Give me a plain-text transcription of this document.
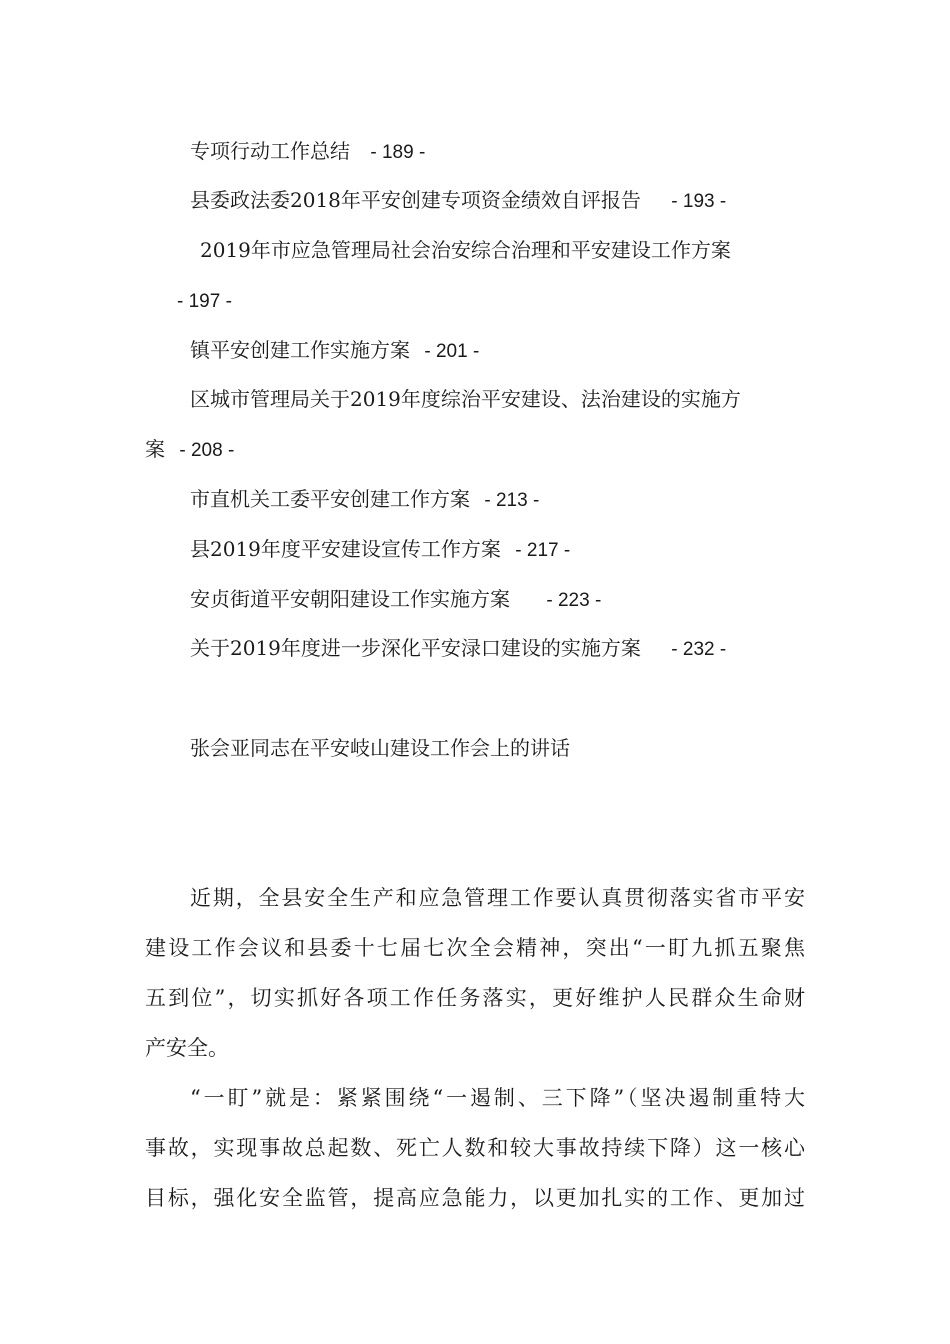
专项行动工作总结 - 189 -
县委政法委2018年平安创建专项资金绩效自评报告 - 193 -
2019年市应急管理局社会治安综合治理和平安建设工作方案
- 197 -
镇平安创建工作实施方案 - 201 -
区城市管理局关于2019年度综治平安建设、法治建设的实施方
案 - 208 -
市直机关工委平安创建工作方案 - 213 -
县2019年度平安建设宣传工作方案 - 217 -
安贞街道平安朝阳建设工作实施方案 - 223 -
关于2019年度进一步深化平安渌口建设的实施方案 - 232 -
张会亚同志在平安岐山建设工作会上的讲话
近期，全县安全生产和应急管理工作要认真贯彻落实省市平安
建设工作会议和县委十七届七次全会精神，突出“一盯九抓五聚焦
五到位”，切实抓好各项工作任务落实，更好维护人民群众生命财
产安全。
“一盯”就是：紧紧围绕“一遏制、三下降”（坚决遏制重特大
事故，实现事故总起数、死亡人数和较大事故持续下降）这一核心
目标，强化安全监管，提高应急能力，以更加扎实的工作、更加过
